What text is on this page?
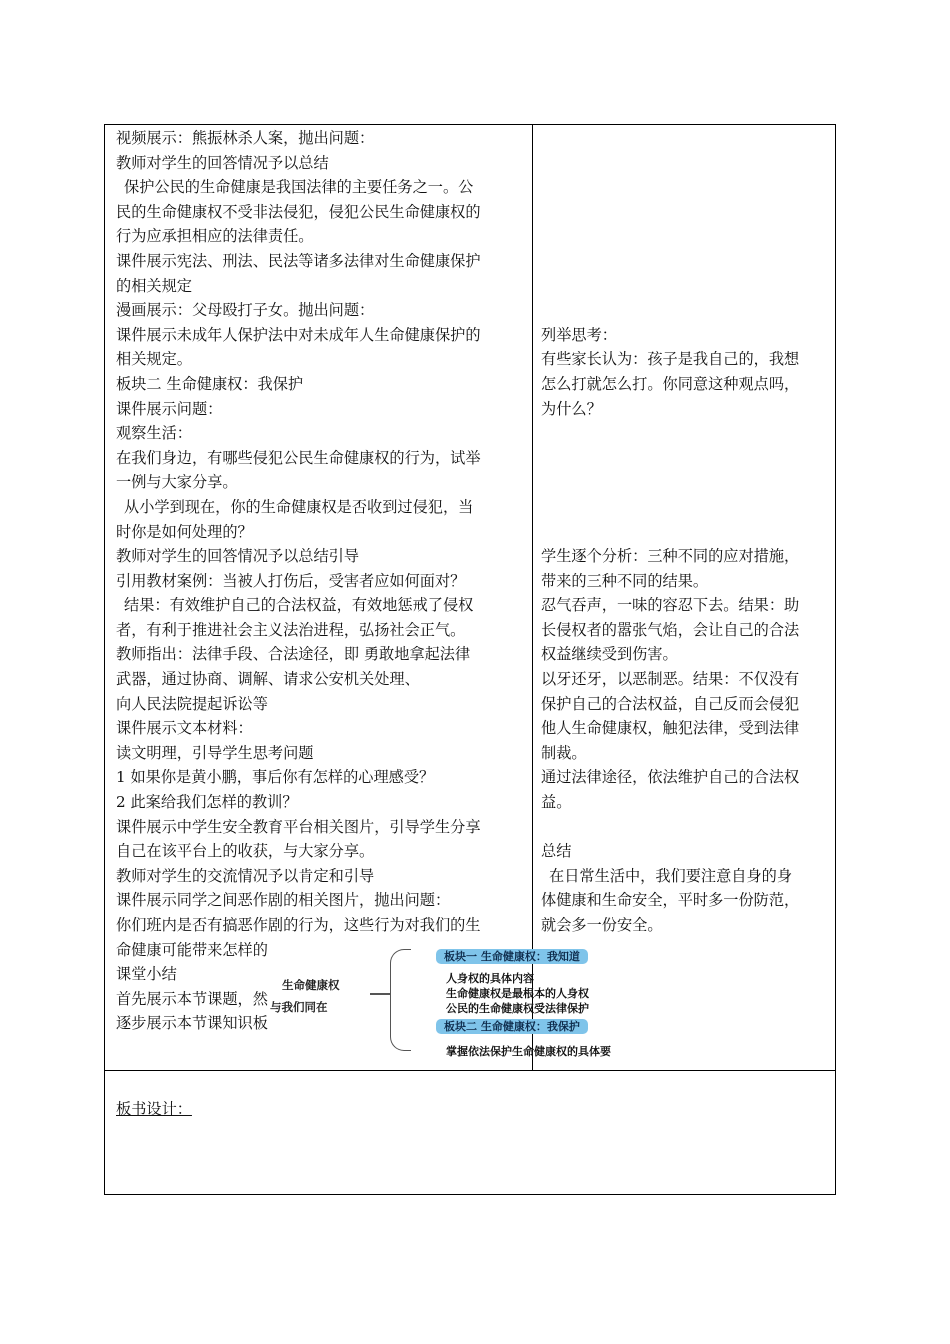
视频展示：熊振林杀人案，抛出问题：
教师对学生的回答情况予以总结
保护公民的生命健康是我国法律的主要任务之一。公
民的生命健康权不受非法侵犯，侵犯公民生命健康权的
行为应承担相应的法律责任。
课件展示宪法、刑法、民法等诸多法律对生命健康保护
的相关规定
漫画展示：父母殴打子女。抛出问题：
课件展示未成年人保护法中对未成年人生命健康保护的
相关规定。
板块二 生命健康权：我保护
课件展示问题：
观察生活：
在我们身边，有哪些侵犯公民生命健康权的行为，试举
一例与大家分享。
从小学到现在，你的生命健康权是否收到过侵犯，当
时你是如何处理的？
教师对学生的回答情况予以总结引导
引用教材案例：当被人打伤后，受害者应如何面对？
结果：有效维护自己的合法权益，有效地惩戒了侵权
者，有利于推进社会主义法治进程，弘扬社会正气。
教师指出：法律手段、合法途径，即 勇敢地拿起法律
武器，通过协商、调解、请求公安机关处理、
向人民法院提起诉讼等
课件展示文本材料：
读文明理，引导学生思考问题
1 如果你是黄小鹏，事后你有怎样的心理感受？
2 此案给我们怎样的教训？
课件展示中学生安全教育平台相关图片，引导学生分享
自己在该平台上的收获，与大家分享。
教师对学生的交流情况予以肯定和引导
课件展示同学之间恶作剧的相关图片，抛出问题：
你们班内是否有搞恶作剧的行为，这些行为对我们的生
命健康可能带来怎样的
课堂小结
首先展示本节课题，然
逐步展示本节课知识板
列举思考：
有些家长认为：孩子是我自己的，我想
怎么打就怎么打。你同意这种观点吗，
为什么？
学生逐个分析：三种不同的应对措施，
带来的三种不同的结果。
忍气吞声，一味的容忍下去。结果：助
长侵权者的嚣张气焰，会让自己的合法
权益继续受到伤害。
以牙还牙，以恶制恶。结果：不仅没有
保护自己的合法权益，自己反而会侵犯
他人生命健康权，触犯法律，受到法律
制裁。
通过法律途径，依法维护自己的合法权
益。
总结
在日常生活中，我们要注意自身的身
体健康和生命安全，平时多一份防范，
就会多一份安全。
生命健康权
与我们同在
板块一 生命健康权：我知道
人身权的具体内容
生命健康权是最根本的人身权
公民的生命健康权受法律保护
板块二 生命健康权：我保护
掌握依法保护生命健康权的具体要
板书设计：
